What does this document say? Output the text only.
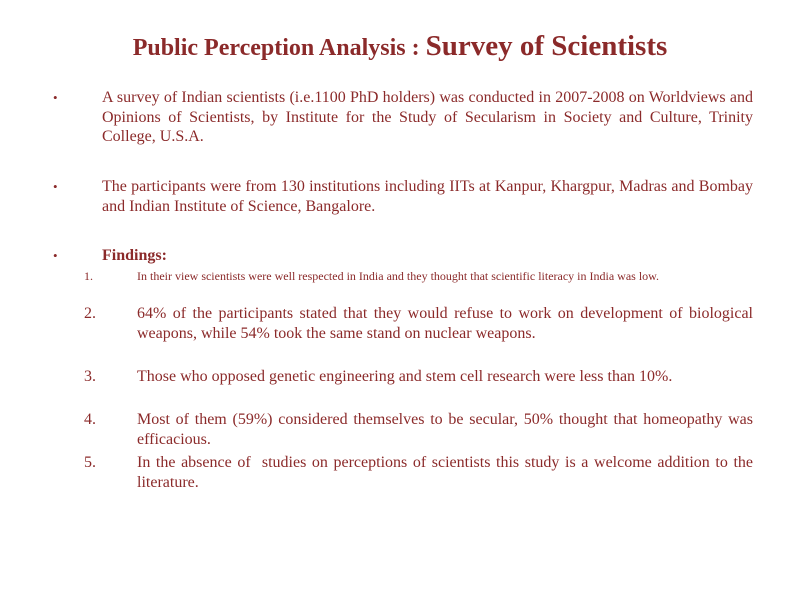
Public Perception Analysis : Survey of Scientists
•	A survey of Indian scientists (i.e.1100 PhD holders) was conducted in 2007-2008 on Worldviews and Opinions of Scientists, by Institute for the Study of Secularism in Society and Culture, Trinity College, U.S.A.
•	The participants were from 130 institutions including IITs at Kanpur, Khargpur, Madras and Bombay and Indian Institute of Science, Bangalore.
•	Findings:
1.	In their view scientists were well respected in India and they thought that scientific literacy in India was low.
2.	64% of the participants stated that they would refuse to work on development of biological weapons, while 54% took the same stand on nuclear weapons.
3.	Those who opposed genetic engineering and stem cell research were less than 10%.
4.	Most of them (59%) considered themselves to be secular, 50% thought that homeopathy was efficacious.
5.	In the absence of  studies on perceptions of scientists this study is a welcome addition to the literature.
